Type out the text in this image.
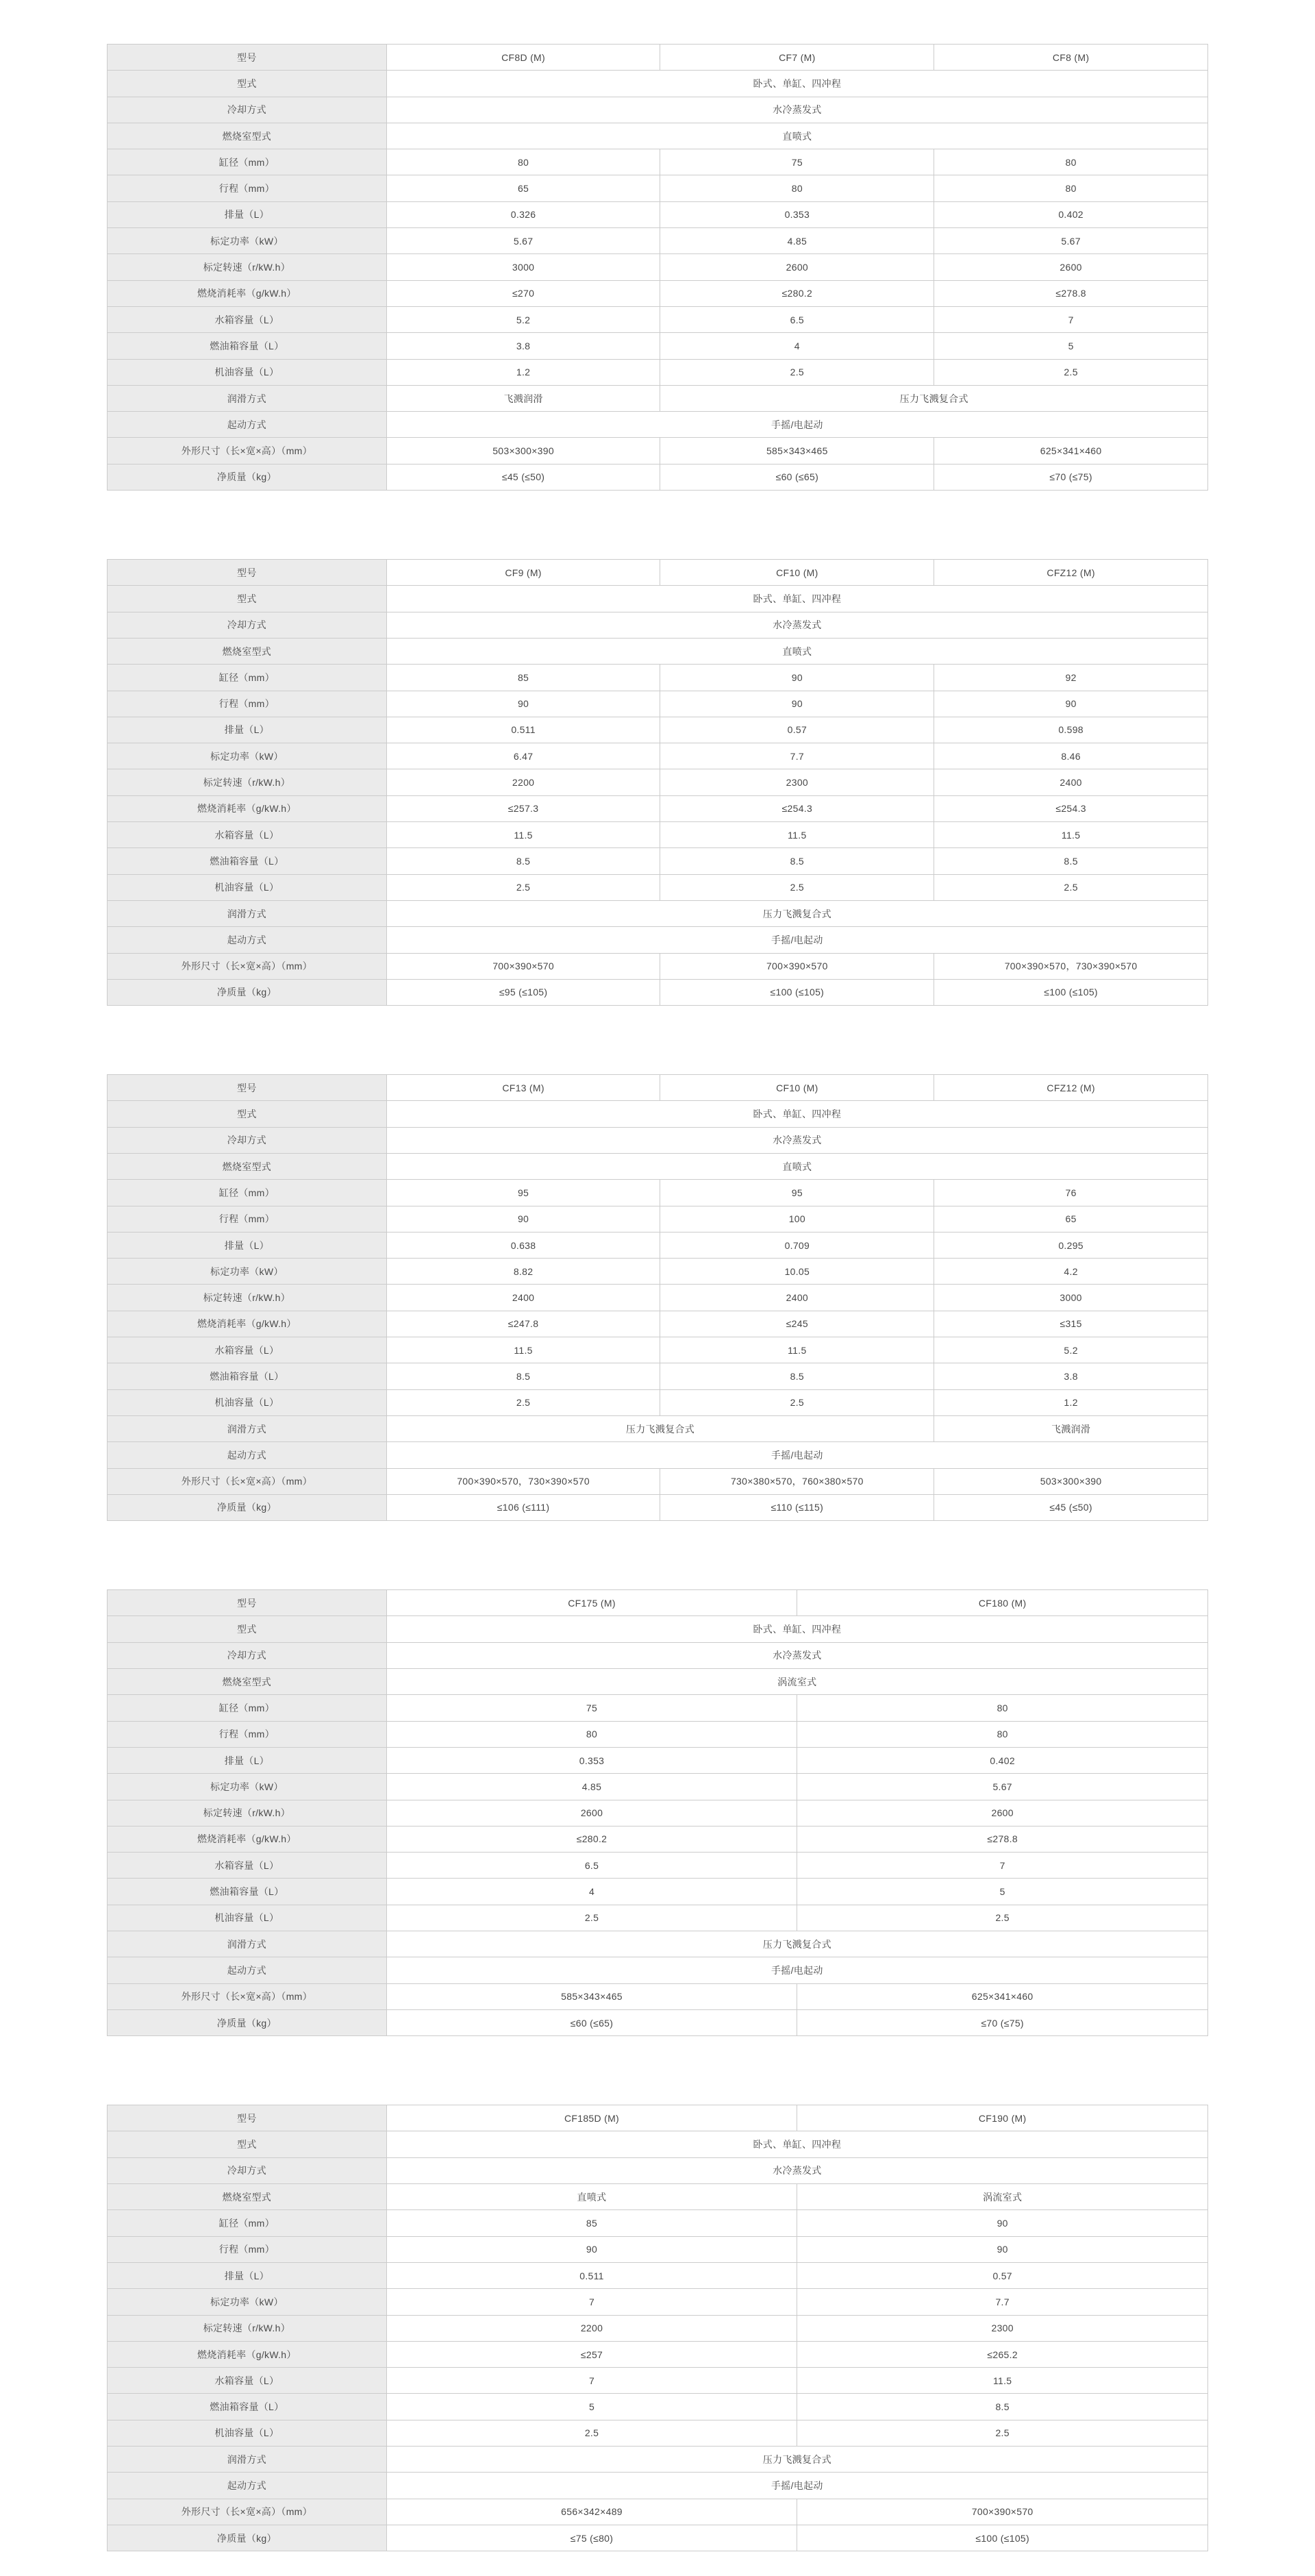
型号	CF8D (M)	CF7 (M)	CF8 (M)
型式	卧式、单缸、四冲程		
冷却方式	水冷蒸发式		
燃烧室型式	直喷式		
缸径（mm）	80	75	80
行程（mm）	65	80	80
排量（L）	0.326	0.353	0.402
标定功率（kW）	5.67	4.85	5.67
标定转速（r/kW.h）	3000	2600	2600
燃烧消耗率（g/kW.h）	≤270	≤280.2	≤278.8
水箱容量（L）	5.2	6.5	7
燃油箱容量（L）	3.8	4	5
机油容量（L）	1.2	2.5	2.5
润滑方式	飞溅润滑	压力飞溅复合式	
起动方式	手摇/电起动		
外形尺寸（长×宽×高）（mm）	503×300×390	585×343×465	625×341×460
净质量（kg）	≤45 (≤50)	≤60 (≤65)	≤70 (≤75)
型号	CF9 (M)	CF10 (M)	CFZ12 (M)
型式	卧式、单缸、四冲程		
冷却方式	水冷蒸发式		
燃烧室型式	直喷式		
缸径（mm）	85	90	92
行程（mm）	90	90	90
排量（L）	0.511	0.57	0.598
标定功率（kW）	6.47	7.7	8.46
标定转速（r/kW.h）	2200	2300	2400
燃烧消耗率（g/kW.h）	≤257.3	≤254.3	≤254.3
水箱容量（L）	11.5	11.5	11.5
燃油箱容量（L）	8.5	8.5	8.5
机油容量（L）	2.5	2.5	2.5
润滑方式	压力飞溅复合式		
起动方式	手摇/电起动		
外形尺寸（长×宽×高）（mm）	700×390×570	700×390×570	700×390×570，730×390×570
净质量（kg）	≤95 (≤105)	≤100 (≤105)	≤100 (≤105)
型号	CF13 (M)	CF10 (M)	CFZ12 (M)
型式	卧式、单缸、四冲程		
冷却方式	水冷蒸发式		
燃烧室型式	直喷式		
缸径（mm）	95	95	76
行程（mm）	90	100	65
排量（L）	0.638	0.709	0.295
标定功率（kW）	8.82	10.05	4.2
标定转速（r/kW.h）	2400	2400	3000
燃烧消耗率（g/kW.h）	≤247.8	≤245	≤315
水箱容量（L）	11.5	11.5	5.2
燃油箱容量（L）	8.5	8.5	3.8
机油容量（L）	2.5	2.5	1.2
润滑方式	压力飞溅复合式		飞溅润滑
起动方式	手摇/电起动		
外形尺寸（长×宽×高）（mm）	700×390×570，730×390×570	730×380×570，760×380×570	503×300×390
净质量（kg）	≤106 (≤111)	≤110 (≤115)	≤45 (≤50)
型号	CF175 (M)	CF180 (M)
型式	卧式、单缸、四冲程	
冷却方式	水冷蒸发式	
燃烧室型式	涡流室式	
缸径（mm）	75	80
行程（mm）	80	80
排量（L）	0.353	0.402
标定功率（kW）	4.85	5.67
标定转速（r/kW.h）	2600	2600
燃烧消耗率（g/kW.h）	≤280.2	≤278.8
水箱容量（L）	6.5	7
燃油箱容量（L）	4	5
机油容量（L）	2.5	2.5
润滑方式	压力飞溅复合式	
起动方式	手摇/电起动	
外形尺寸（长×宽×高）（mm）	585×343×465	625×341×460
净质量（kg）	≤60 (≤65)	≤70 (≤75)
型号	CF185D (M)	CF190 (M)
型式	卧式、单缸、四冲程	
冷却方式	水冷蒸发式	
燃烧室型式	直喷式	涡流室式
缸径（mm）	85	90
行程（mm）	90	90
排量（L）	0.511	0.57
标定功率（kW）	7	7.7
标定转速（r/kW.h）	2200	2300
燃烧消耗率（g/kW.h）	≤257	≤265.2
水箱容量（L）	7	11.5
燃油箱容量（L）	5	8.5
机油容量（L）	2.5	2.5
润滑方式	压力飞溅复合式	
起动方式	手摇/电起动	
外形尺寸（长×宽×高）（mm）	656×342×489	700×390×570
净质量（kg）	≤75 (≤80)	≤100 (≤105)
